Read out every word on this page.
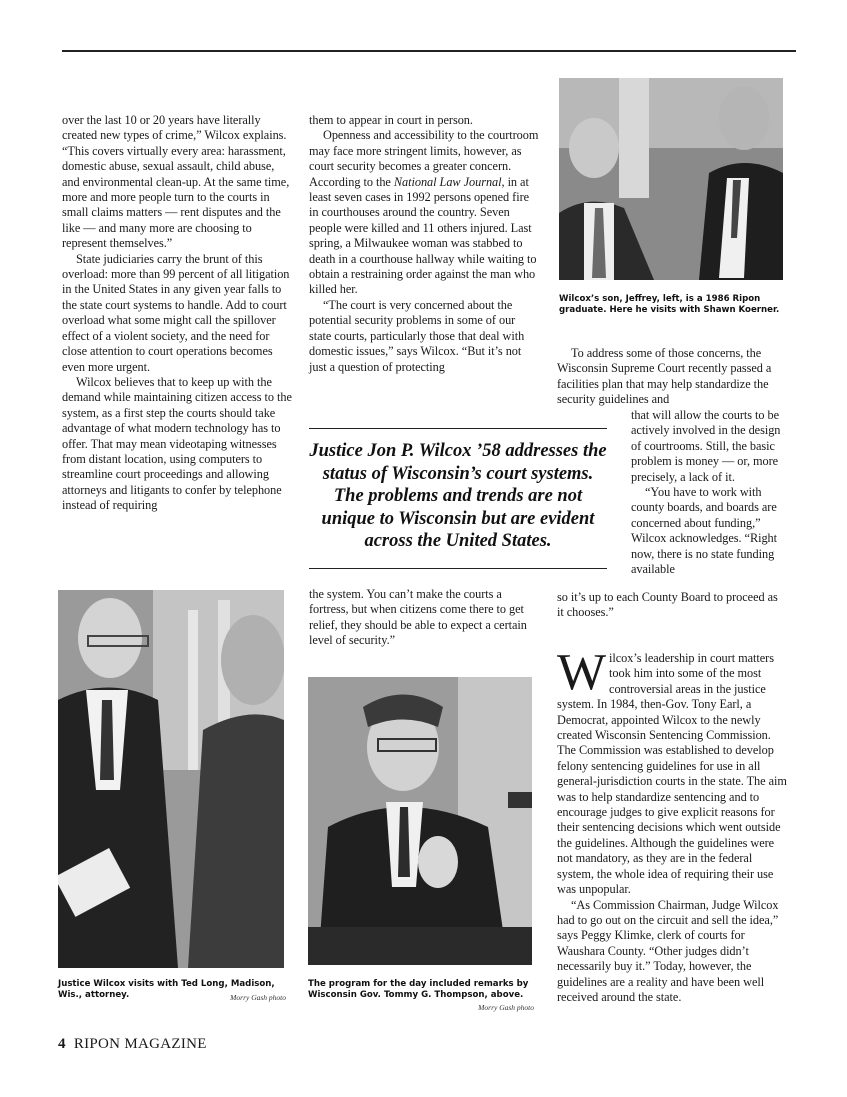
over the last 10 or 20 years have literally created new types of crime,” Wilcox explains. “This covers virtually every area: harassment, domestic abuse, sexual assault, child abuse, and environmental clean-up. At the same time, more and more people turn to the courts in small claims matters — rent disputes and the like — and many more are choosing to represent themselves.”

State judiciaries carry the brunt of this overload: more than 99 percent of all litigation in the United States in any given year falls to the state court systems to handle. Add to court overload what some might call the spillover effect of a violent society, and the need for close attention to court operations becomes even more urgent.

Wilcox believes that to keep up with the demand while maintaining citizen access to the system, as a first step the courts should take advantage of what modern technology has to offer. That may mean videotaping witnesses from distant location, using computers to streamline court proceedings and allowing attorneys and litigants to confer by telephone instead of requiring

them to appear in court in person.

Openness and accessibility to the courtroom may face more stringent limits, however, as court security becomes a greater concern. According to the National Law Journal, in at least seven cases in 1992 persons opened fire in courthouses around the country. Seven people were killed and 11 others injured. Last spring, a Milwaukee woman was stabbed to death in a courthouse hallway while waiting to obtain a restraining order against the man who killed her.

“The court is very concerned about the potential security problems in some of our state courts, particularly those that deal with domestic issues,” says Wilcox. “But it’s not just a question of protecting

Justice Jon P. Wilcox ’58 addresses the status of Wisconsin’s court systems. The problems and trends are not unique to Wisconsin but are evident across the United States.

the system. You can’t make the courts a fortress, but when citizens come there to get relief, they should be able to expect a certain level of security.”

Wilcox’s son, Jeffrey, left, is a 1986 Ripon graduate. Here he visits with Shawn Koerner.

To address some of those concerns, the Wisconsin Supreme Court recently passed a facilities plan that may help standardize the security guidelines and

that will allow the courts to be actively involved in the design of courtrooms. Still, the basic problem is money — or, more precisely, a lack of it.

“You have to work with county boards, and boards are concerned about funding,” Wilcox acknowledges. “Right now, there is no state funding available

so it’s up to each County Board to proceed as it chooses.”

Wilcox’s leadership in court matters took him into some of the most controversial areas in the justice system. In 1984, then-Gov. Tony Earl, a Democrat, appointed Wilcox to the newly created Wisconsin Sentencing Commission. The Commission was established to develop felony sentencing guidelines for use in all general-jurisdiction courts in the state. The aim was to help standardize sentencing and to encourage judges to give explicit reasons for their sentencing decisions which went outside the guidelines. Although the guidelines were not mandatory, as they are in the federal system, the whole idea of requiring their use was unpopular.

“As Commission Chairman, Judge Wilcox had to go out on the circuit and sell the idea,” says Peggy Klimke, clerk of courts for Waushara County. “Other judges didn’t necessarily buy it.” Today, however, the guidelines are a reality and have been well received around the state.

Justice Wilcox visits with Ted Long, Madison, Wis., attorney.	Morry Gash photo
The program for the day included remarks by Wisconsin Gov. Tommy G. Thompson, above.
Morry Gash photo
4 RIPON MAGAZINE
